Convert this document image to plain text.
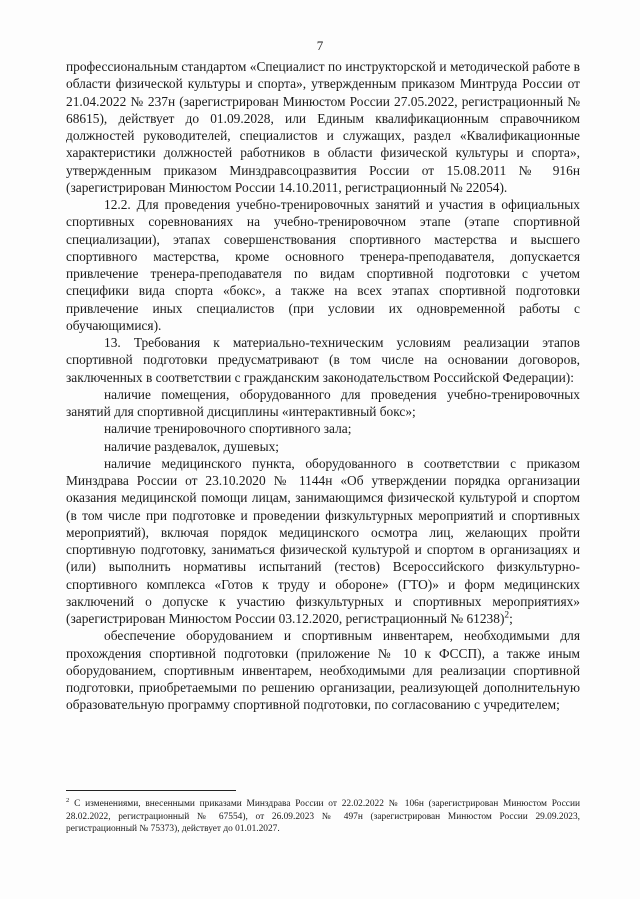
7

профессиональным стандартом «Специалист по инструкторской и методической работе в области физической культуры и спорта», утвержденным приказом Минтруда России от 21.04.2022 № 237н (зарегистрирован Минюстом России 27.05.2022, регистрационный № 68615), действует до 01.09.2028, или Единым квалификационным справочником должностей руководителей, специалистов и служащих, раздел «Квалификационные характеристики должностей работников в области физической культуры и спорта», утвержденным приказом Минздравсоцразвития России от 15.08.2011 № 916н (зарегистрирован Минюстом России 14.10.2011, регистрационный № 22054).

12.2. Для проведения учебно-тренировочных занятий и участия в официальных спортивных соревнованиях на учебно-тренировочном этапе (этапе спортивной специализации), этапах совершенствования спортивного мастерства и высшего спортивного мастерства, кроме основного тренера-преподавателя, допускается привлечение тренера-преподавателя по видам спортивной подготовки с учетом специфики вида спорта «бокс», а также на всех этапах спортивной подготовки привлечение иных специалистов (при условии их одновременной работы с обучающимися).

13. Требования к материально-техническим условиям реализации этапов спортивной подготовки предусматривают (в том числе на основании договоров, заключенных в соответствии с гражданским законодательством Российской Федерации):

наличие помещения, оборудованного для проведения учебно-тренировочных занятий для спортивной дисциплины «интерактивный бокс»;

наличие тренировочного спортивного зала;

наличие раздевалок, душевых;

наличие медицинского пункта, оборудованного в соответствии с приказом Минздрава России от 23.10.2020 № 1144н «Об утверждении порядка организации оказания медицинской помощи лицам, занимающимся физической культурой и спортом (в том числе при подготовке и проведении физкультурных мероприятий и спортивных мероприятий), включая порядок медицинского осмотра лиц, желающих пройти спортивную подготовку, заниматься физической культурой и спортом в организациях и (или) выполнить нормативы испытаний (тестов) Всероссийского физкультурно-спортивного комплекса «Готов к труду и обороне» (ГТО)» и форм медицинских заключений о допуске к участию физкультурных и спортивных мероприятиях» (зарегистрирован Минюстом России 03.12.2020, регистрационный № 61238)$^2$;

обеспечение оборудованием и спортивным инвентарем, необходимыми для прохождения спортивной подготовки (приложение № 10 к ФССП), а также иным оборудованием, спортивным инвентарем, необходимыми для реализации спортивной подготовки, приобретаемыми по решению организации, реализующей дополнительную образовательную программу спортивной подготовки, по согласованию с учредителем;

$^2$ С изменениями, внесенными приказами Минздрава России от 22.02.2022 № 106н (зарегистрирован Минюстом России 28.02.2022, регистрационный № 67554), от 26.09.2023 № 497н (зарегистрирован Минюстом России 29.09.2023, регистрационный № 75373), действует до 01.01.2027.
